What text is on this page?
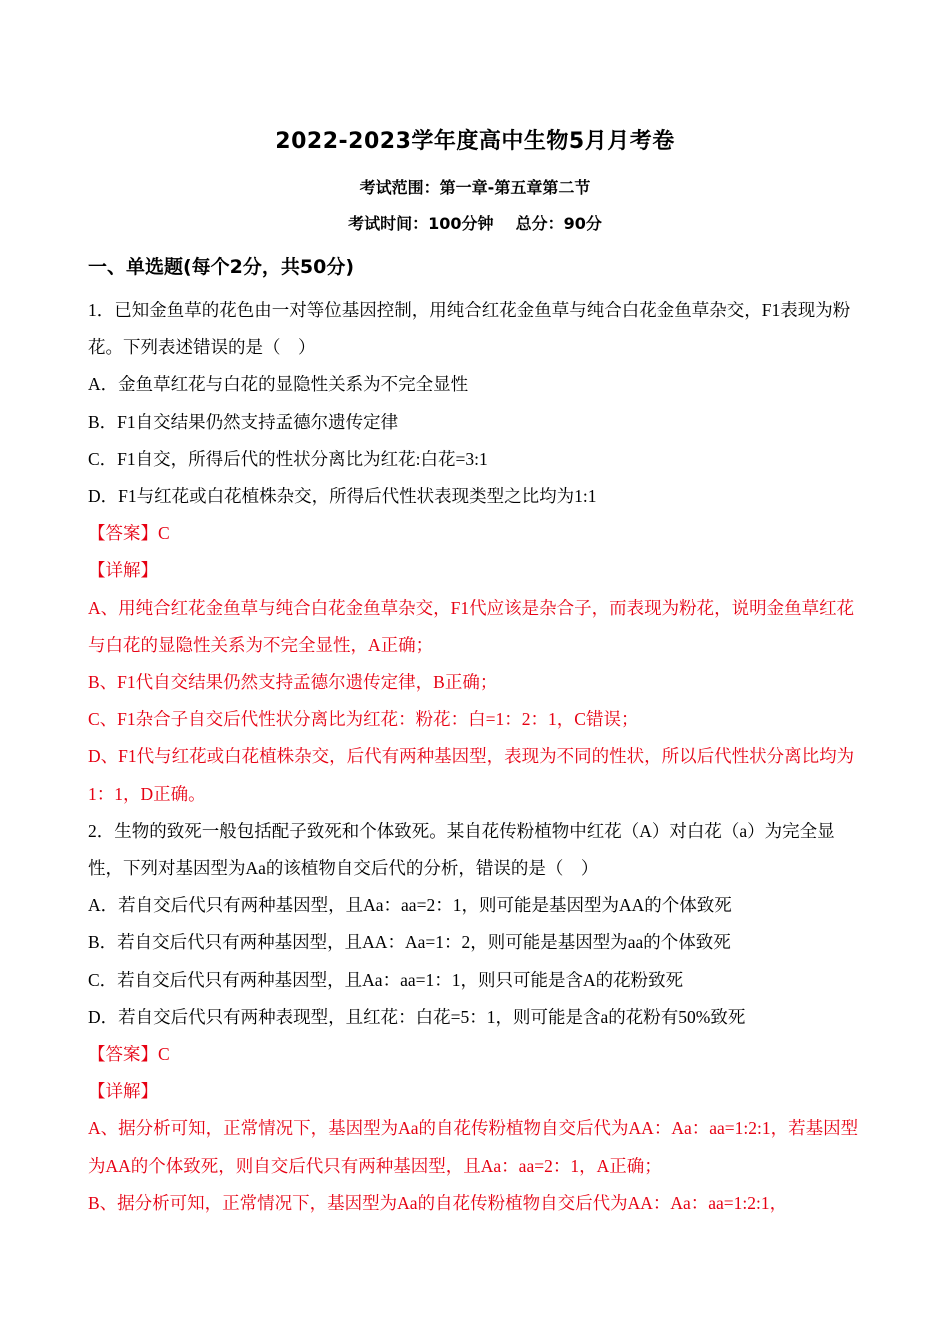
2022-2023学年度高中生物5月月考卷
考试范围：第一章-第五章第二节
考试时间：100分钟 总分：90分
一、单选题(每个2分，共50分)

1．已知金鱼草的花色由一对等位基因控制，用纯合红花金鱼草与纯合白花金鱼草杂交，F1表现为粉花。下列表述错误的是（　）

A．金鱼草红花与白花的显隐性关系为不完全显性

B．F1自交结果仍然支持孟德尔遗传定律

C．F1自交，所得后代的性状分离比为红花:白花=3:1

D．F1与红花或白花植株杂交，所得后代性状表现类型之比均为1:1

【答案】C

【详解】

A、用纯合红花金鱼草与纯合白花金鱼草杂交，F1代应该是杂合子，而表现为粉花，说明金鱼草红花与白花的显隐性关系为不完全显性，A正确；

B、F1代自交结果仍然支持孟德尔遗传定律，B正确；

C、F1杂合子自交后代性状分离比为红花：粉花：白=1：2：1，C错误；

D、F1代与红花或白花植株杂交，后代有两种基因型，表现为不同的性状，所以后代性状分离比均为1：1，D正确。

2．生物的致死一般包括配子致死和个体致死。某自花传粉植物中红花（A）对白花（a）为完全显性，下列对基因型为Aa的该植物自交后代的分析，错误的是（　）

A．若自交后代只有两种基因型，且Aa：aa=2：1，则可能是基因型为AA的个体致死

B．若自交后代只有两种基因型，且AA：Aa=1：2，则可能是基因型为aa的个体致死

C．若自交后代只有两种基因型，且Aa：aa=1：1，则只可能是含A的花粉致死

D．若自交后代只有两种表现型，且红花：白花=5：1，则可能是含a的花粉有50%致死

【答案】C

【详解】

A、据分析可知，正常情况下，基因型为Aa的自花传粉植物自交后代为AA：Aa：aa=1:2:1，若基因型为AA的个体致死，则自交后代只有两种基因型，且Aa：aa=2：1，A正确；

B、据分析可知，正常情况下，基因型为Aa的自花传粉植物自交后代为AA：Aa：aa=1:2:1，
